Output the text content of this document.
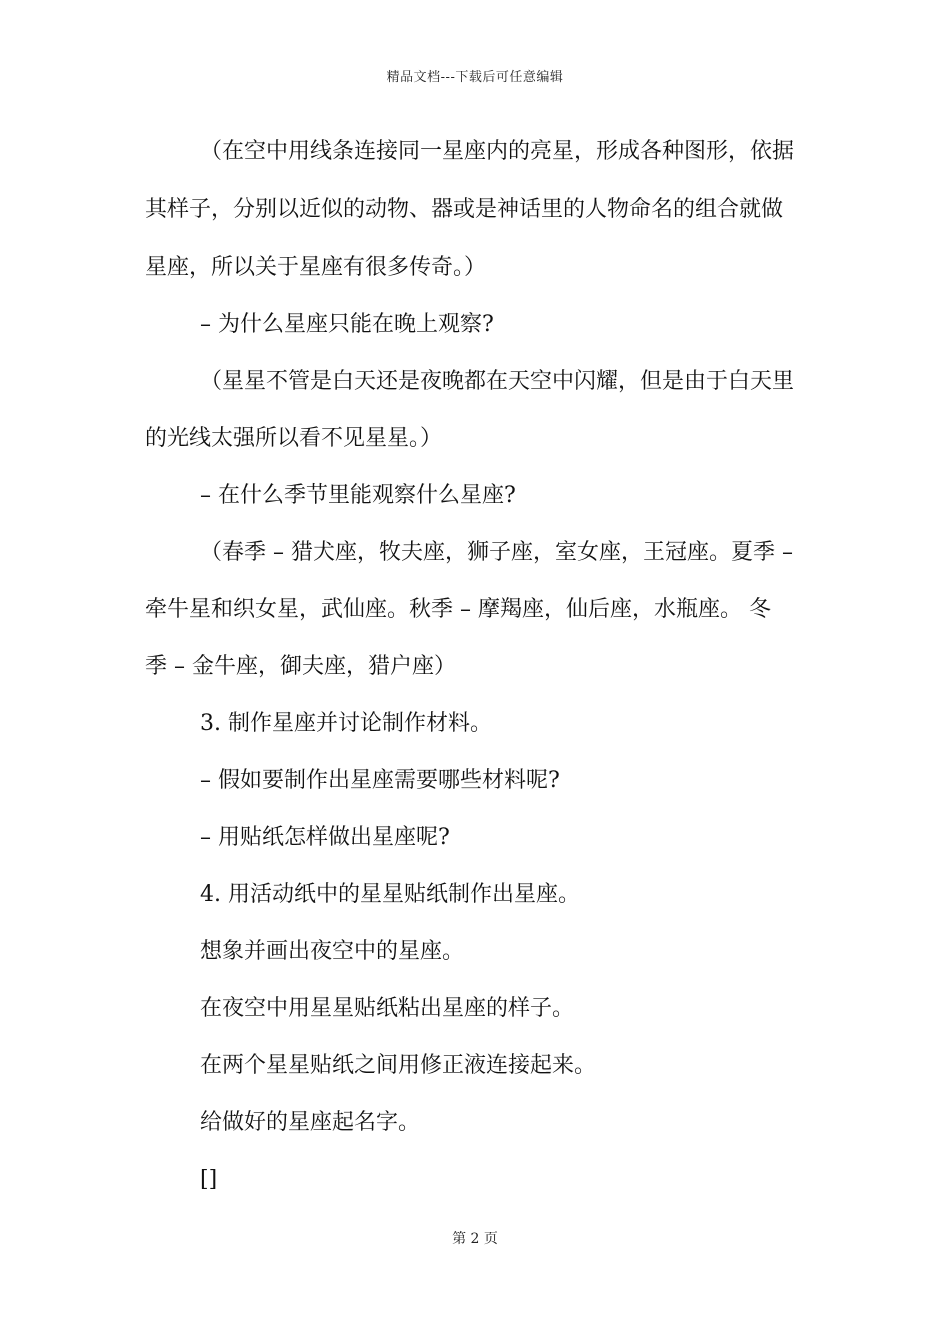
精品文档---下载后可任意编辑
（在空中用线条连接同一星座内的亮星，形成各种图形，依据
其样子，分别以近似的动物、器或是神话里的人物命名的组合就做
星座，所以关于星座有很多传奇。）
– 为什么星座只能在晚上观察?
（星星不管是白天还是夜晚都在天空中闪耀，但是由于白天里
的光线太强所以看不见星星。）
– 在什么季节里能观察什么星座?
（春季 – 猎犬座，牧夫座，狮子座，室女座，王冠座。夏季 –
牵牛星和织女星，武仙座。秋季 – 摩羯座，仙后座，水瓶座。 冬
季 – 金牛座，御夫座，猎户座）
3. 制作星座并讨论制作材料。
– 假如要制作出星座需要哪些材料呢?
– 用贴纸怎样做出星座呢?
4. 用活动纸中的星星贴纸制作出星座。
想象并画出夜空中的星座。
在夜空中用星星贴纸粘出星座的样子。
在两个星星贴纸之间用修正液连接起来。
给做好的星座起名字。
[]
第 2 页
